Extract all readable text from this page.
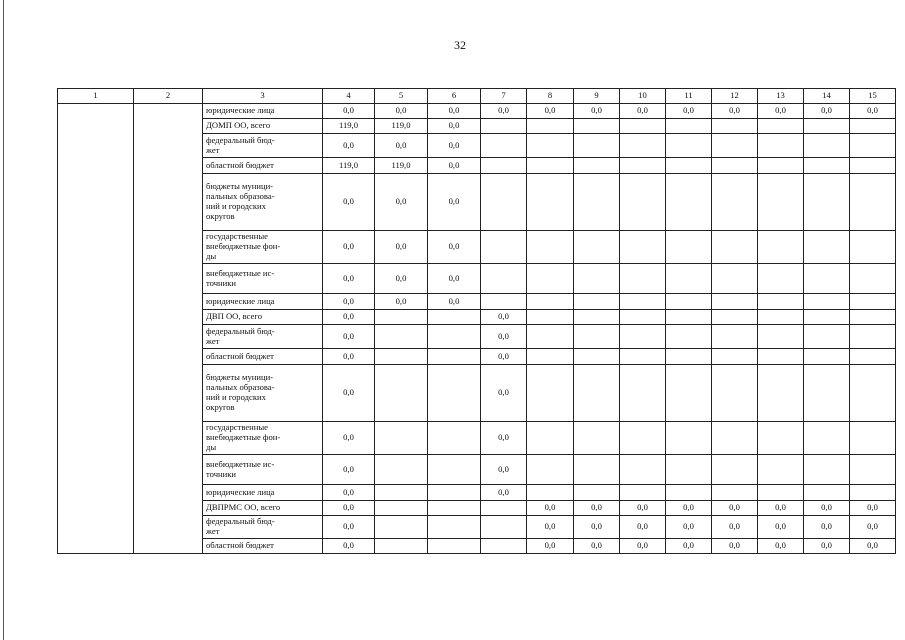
32
1	2	3	4	5	6	7	8	9	10	11	12	13	14	15
		юридические лица	0,0	0,0	0,0	0,0	0,0	0,0	0,0	0,0	0,0	0,0	0,0	0,0
		ДОМП ОО, всего	119,0	119,0	0,0									
		федеральный бюд-
жет	0,0	0,0	0,0									
		областной бюджет	119,0	119,0	0,0									
		бюджеты муници-
пальных образова-
ний и городских
округов	0,0	0,0	0,0									
		государственные
внебюджетные фон-
ды	0,0	0,0	0,0									
		внебюджетные ис-
точники	0,0	0,0	0,0									
		юридические лица	0,0	0,0	0,0									
		ДВП ОО, всего	0,0			0,0								
		федеральный бюд-
жет	0,0			0,0								
		областной бюджет	0,0			0,0								
		бюджеты муници-
пальных образова-
ний и городских
округов	0,0			0,0								
		государственные
внебюджетные фон-
ды	0,0			0,0								
		внебюджетные ис-
точники	0,0			0,0								
		юридические лица	0,0			0,0								
		ДВПРМС ОО, всего	0,0				0,0	0,0	0,0	0,0	0,0	0,0	0,0	0,0
		федеральный бюд-
жет	0,0				0,0	0,0	0,0	0,0	0,0	0,0	0,0	0,0
		областной бюджет	0,0				0,0	0,0	0,0	0,0	0,0	0,0	0,0	0,0
